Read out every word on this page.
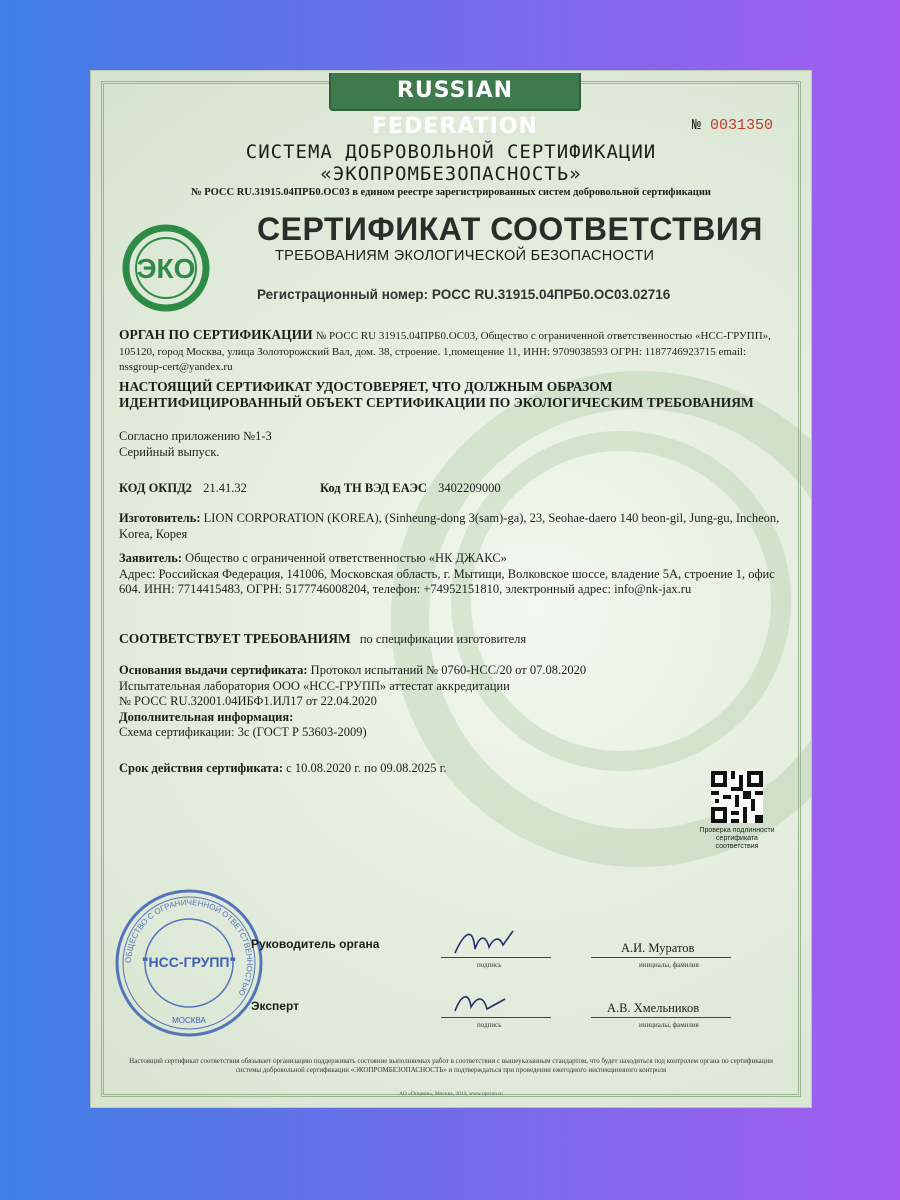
RUSSIAN FEDERATION	№ 0031350
СИСТЕМА ДОБРОВОЛЬНОЙ СЕРТИФИКАЦИИ
«ЭКОПРОМБЕЗОПАСНОСТЬ»
№ РОСС RU.31915.04ПРБ0.ОС03 в едином реестре зарегистрированных систем добровольной сертификации
ЭКО
СЕРТИФИКАТ СООТВЕТСТВИЯ
ТРЕБОВАНИЯМ ЭКОЛОГИЧЕСКОЙ БЕЗОПАСНОСТИ
Регистрационный номер: РОСС RU.31915.04ПРБ0.ОС03.02716
ОРГАН ПО СЕРТИФИКАЦИИ № РОСС RU 31915.04ПРБ0.ОС03, Общество с ограниченной ответственностью «НСС-ГРУПП», 105120, город Москва, улица Золоторожский Вал, дом. 38, строение. 1,помещение 11, ИНН: 9709038593 ОГРН: 1187746923715 email: nssgroup-cert@yandex.ru
НАСТОЯЩИЙ СЕРТИФИКАТ УДОСТОВЕРЯЕТ, ЧТО ДОЛЖНЫМ ОБРАЗОМ ИДЕНТИФИЦИРОВАННЫЙ ОБЪЕКТ СЕРТИФИКАЦИИ ПО ЭКОЛОГИЧЕСКИМ ТРЕБОВАНИЯМ
Согласно приложению №1-3
Серийный выпуск.
КОД ОКПД2 21.41.32	Код ТН ВЭД ЕАЭС 3402209000
Изготовитель: LION CORPORATION (KOREA), (Sinheung-dong 3(sam)-ga), 23, Seohae-daero 140 beon-gil, Jung-gu, Incheon, Korea, Корея
Заявитель: Общество с ограниченной ответственностью «НК ДЖАКС»
Адрес: Российская Федерация, 141006, Московская область, г. Мытищи, Волковское шоссе, владение 5А, строение 1, офис 604. ИНН: 7714415483, ОГРН: 5177746008204, телефон: +74952151810, электронный адрес: info@nk-jax.ru
СООТВЕТСТВУЕТ ТРЕБОВАНИЯМ по спецификации изготовителя
Основания выдачи сертификата: Протокол испытаний № 0760-НСС/20 от 07.08.2020
Испытательная лаборатория ООО «НСС-ГРУПП» аттестат аккредитации
№ РОСС RU.32001.04ИБФ1.ИЛ17 от 22.04.2020
Дополнительная информация:
Схема сертификации: 3с (ГОСТ Р 53603-2009)
Срок действия сертификата: с 10.08.2020 г. по 09.08.2025 г.
Проверка подлинности сертификата соответствия
ОБЩЕСТВО С ОГРАНИЧЕННОЙ ОТВЕТСТВЕННОСТЬЮ
"НСС-ГРУПП"
МОСКВА
Руководитель органа
подпись
А.И. Муратов
инициалы, фамилия
Эксперт
подпись
А.В. Хмельников
инициалы, фамилия
Настоящий сертификат соответствия обязывает организацию поддерживать состояние выполняемых работ в соответствии с вышеуказанным стандартом, что будет находиться под контролем органа по сертификации системы добровольной сертификации «ЭКОПРОМБЕЗОПАСНОСТЬ» и подтверждаться при проведении ежегодного инспекционного контроля
АО «Опцион», Москва, 2019, www.opcion.ru
